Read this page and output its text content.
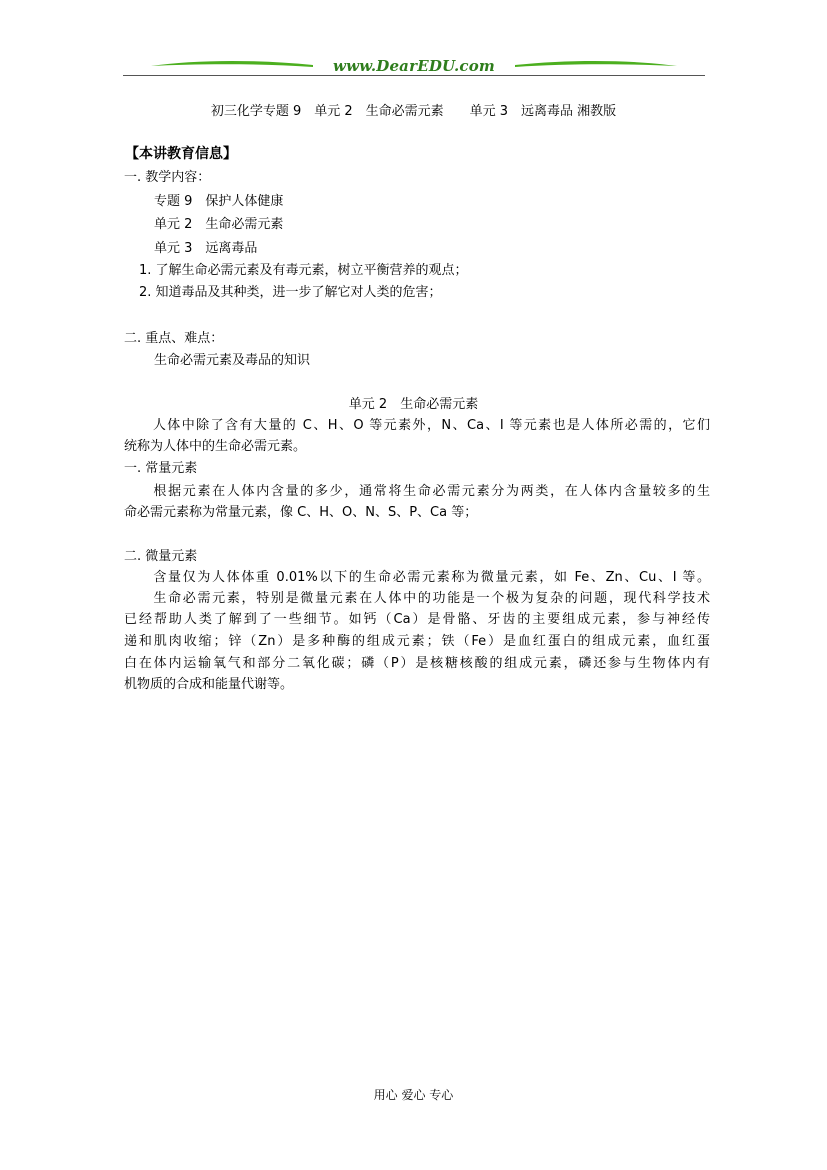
www.DearEDU.com
初三化学专题 9　单元 2　生命必需元素　　单元 3　远离毒品 湘教版
【本讲教育信息】
一. 教学内容：
专题 9　保护人体健康
单元 2　生命必需元素
单元 3　远离毒品
1. 了解生命必需元素及有毒元素，树立平衡营养的观点；
2. 知道毒品及其种类，进一步了解它对人类的危害；
二. 重点、难点：
生命必需元素及毒品的知识
单元 2　生命必需元素
　　人体中除了含有大量的 C、H、O 等元素外，N、Ca、I 等元素也是人体所必需的，它们
统称为人体中的生命必需元素。
一. 常量元素
　　根据元素在人体内含量的多少，通常将生命必需元素分为两类，在人体内含量较多的生
命必需元素称为常量元素，像 C、H、O、N、S、P、Ca 等；
二. 微量元素
　　含量仅为人体体重 0.01%以下的生命必需元素称为微量元素，如 Fe、Zn、Cu、I 等。
　　生命必需元素，特别是微量元素在人体中的功能是一个极为复杂的问题，现代科学技术
已经帮助人类了解到了一些细节。如钙（Ca）是骨骼、牙齿的主要组成元素，参与神经传
递和肌肉收缩；锌（Zn）是多种酶的组成元素；铁（Fe）是血红蛋白的组成元素，血红蛋
白在体内运输氧气和部分二氧化碳；磷（P）是核糖核酸的组成元素，磷还参与生物体内有
机物质的合成和能量代谢等。
用心 爱心 专心
